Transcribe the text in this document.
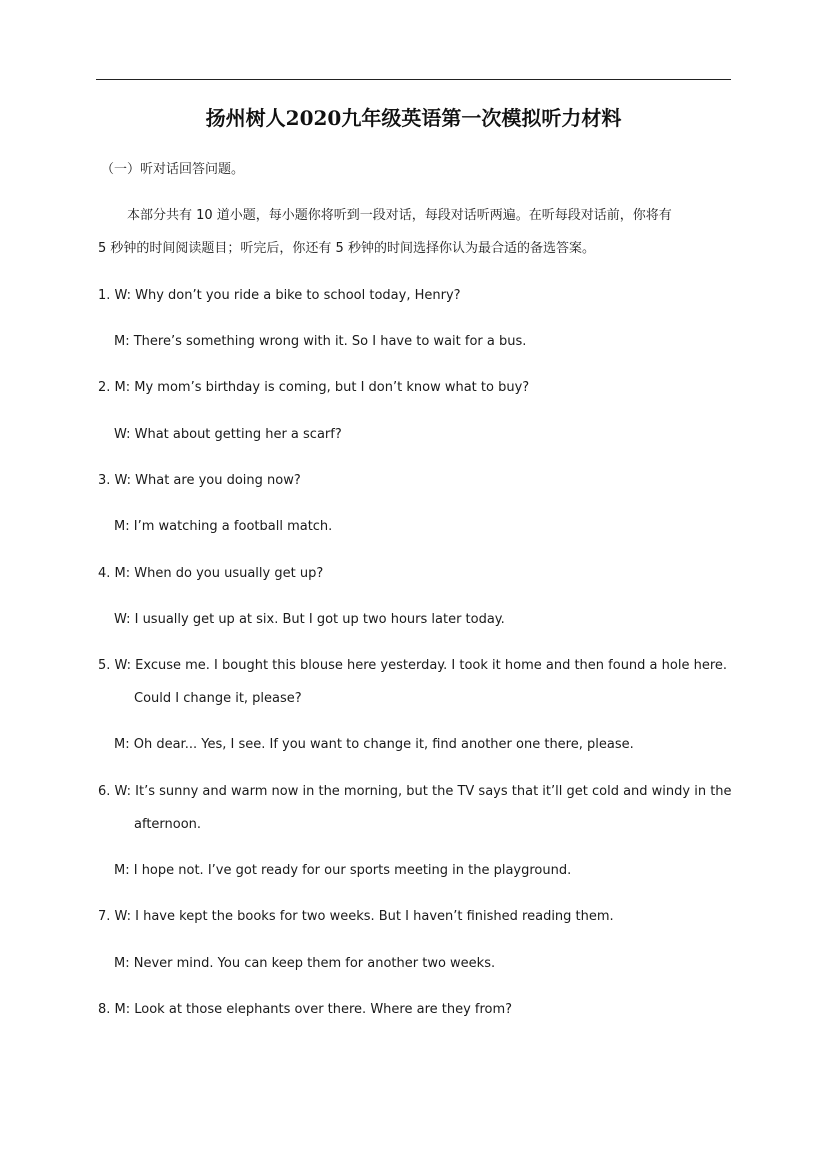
扬州树人2020九年级英语第一次模拟听力材料
（一）听对话回答问题。
本部分共有 10 道小题，每小题你将听到一段对话，每段对话听两遍。在听每段对话前，你将有
5 秒钟的时间阅读题目；听完后，你还有 5 秒钟的时间选择你认为最合适的备选答案。
1. W: Why don’t you ride a bike to school today, Henry?
M: There’s something wrong with it. So I have to wait for a bus.
2. M: My mom’s birthday is coming, but I don’t know what to buy?
W: What about getting her a scarf?
3. W: What are you doing now?
M: I’m watching a football match.
4. M: When do you usually get up?
W: I usually get up at six. But I got up two hours later today.
5. W: Excuse me. I bought this blouse here yesterday. I took it home and then found a hole here.
Could I change it, please?
M: Oh dear... Yes, I see. If you want to change it, find another one there, please.
6. W: It’s sunny and warm now in the morning, but the TV says that it’ll get cold and windy in the
afternoon.
M: I hope not. I’ve got ready for our sports meeting in the playground.
7. W: I have kept the books for two weeks. But I haven’t finished reading them.
M: Never mind. You can keep them for another two weeks.
8. M: Look at those elephants over there. Where are they from?
